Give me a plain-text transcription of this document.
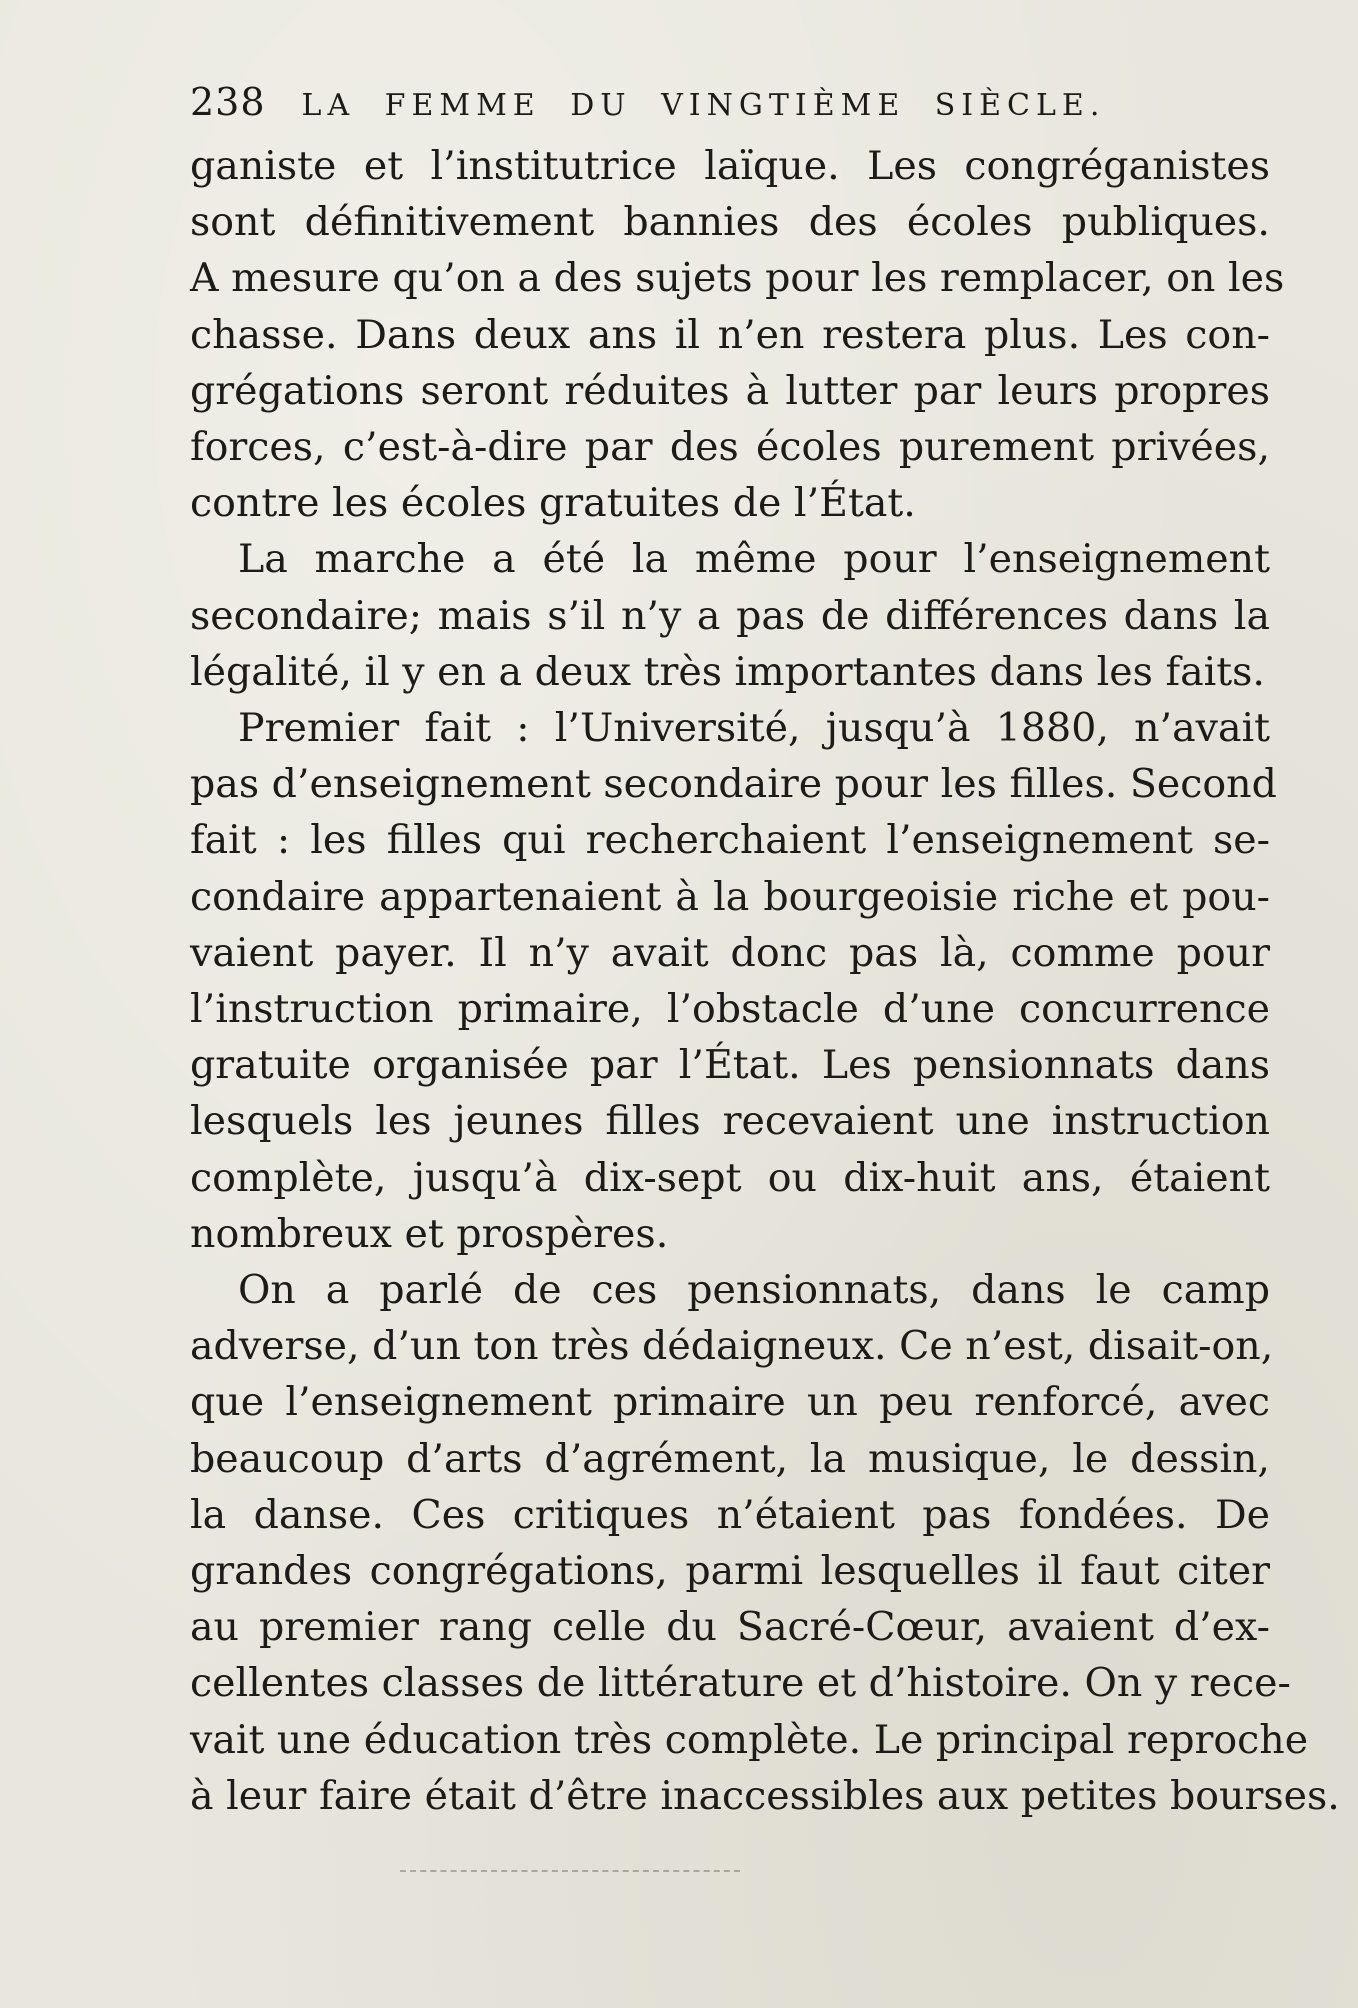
238 LA FEMME DU VINGTIÈME SIÈCLE.
ganiste et l’institutrice laïque. Les congréganistes
sont définitivement bannies des écoles publiques.
A mesure qu’on a des sujets pour les remplacer, on les
chasse. Dans deux ans il n’en restera plus. Les con-
grégations seront réduites à lutter par leurs propres
forces, c’est-à-dire par des écoles purement privées,
contre les écoles gratuites de l’État.
La marche a été la même pour l’enseignement
secondaire; mais s’il n’y a pas de différences dans la
légalité, il y en a deux très importantes dans les faits.
Premier fait : l’Université, jusqu’à 1880, n’avait
pas d’enseignement secondaire pour les filles. Second
fait : les filles qui recherchaient l’enseignement se-
condaire appartenaient à la bourgeoisie riche et pou-
vaient payer. Il n’y avait donc pas là, comme pour
l’instruction primaire, l’obstacle d’une concurrence
gratuite organisée par l’État. Les pensionnats dans
lesquels les jeunes filles recevaient une instruction
complète, jusqu’à dix-sept ou dix-huit ans, étaient
nombreux et prospères.
On a parlé de ces pensionnats, dans le camp
adverse, d’un ton très dédaigneux. Ce n’est, disait-on,
que l’enseignement primaire un peu renforcé, avec
beaucoup d’arts d’agrément, la musique, le dessin,
la danse. Ces critiques n’étaient pas fondées. De
grandes congrégations, parmi lesquelles il faut citer
au premier rang celle du Sacré-Cœur, avaient d’ex-
cellentes classes de littérature et d’histoire. On y rece-
vait une éducation très complète. Le principal reproche
à leur faire était d’être inaccessibles aux petites bourses.
